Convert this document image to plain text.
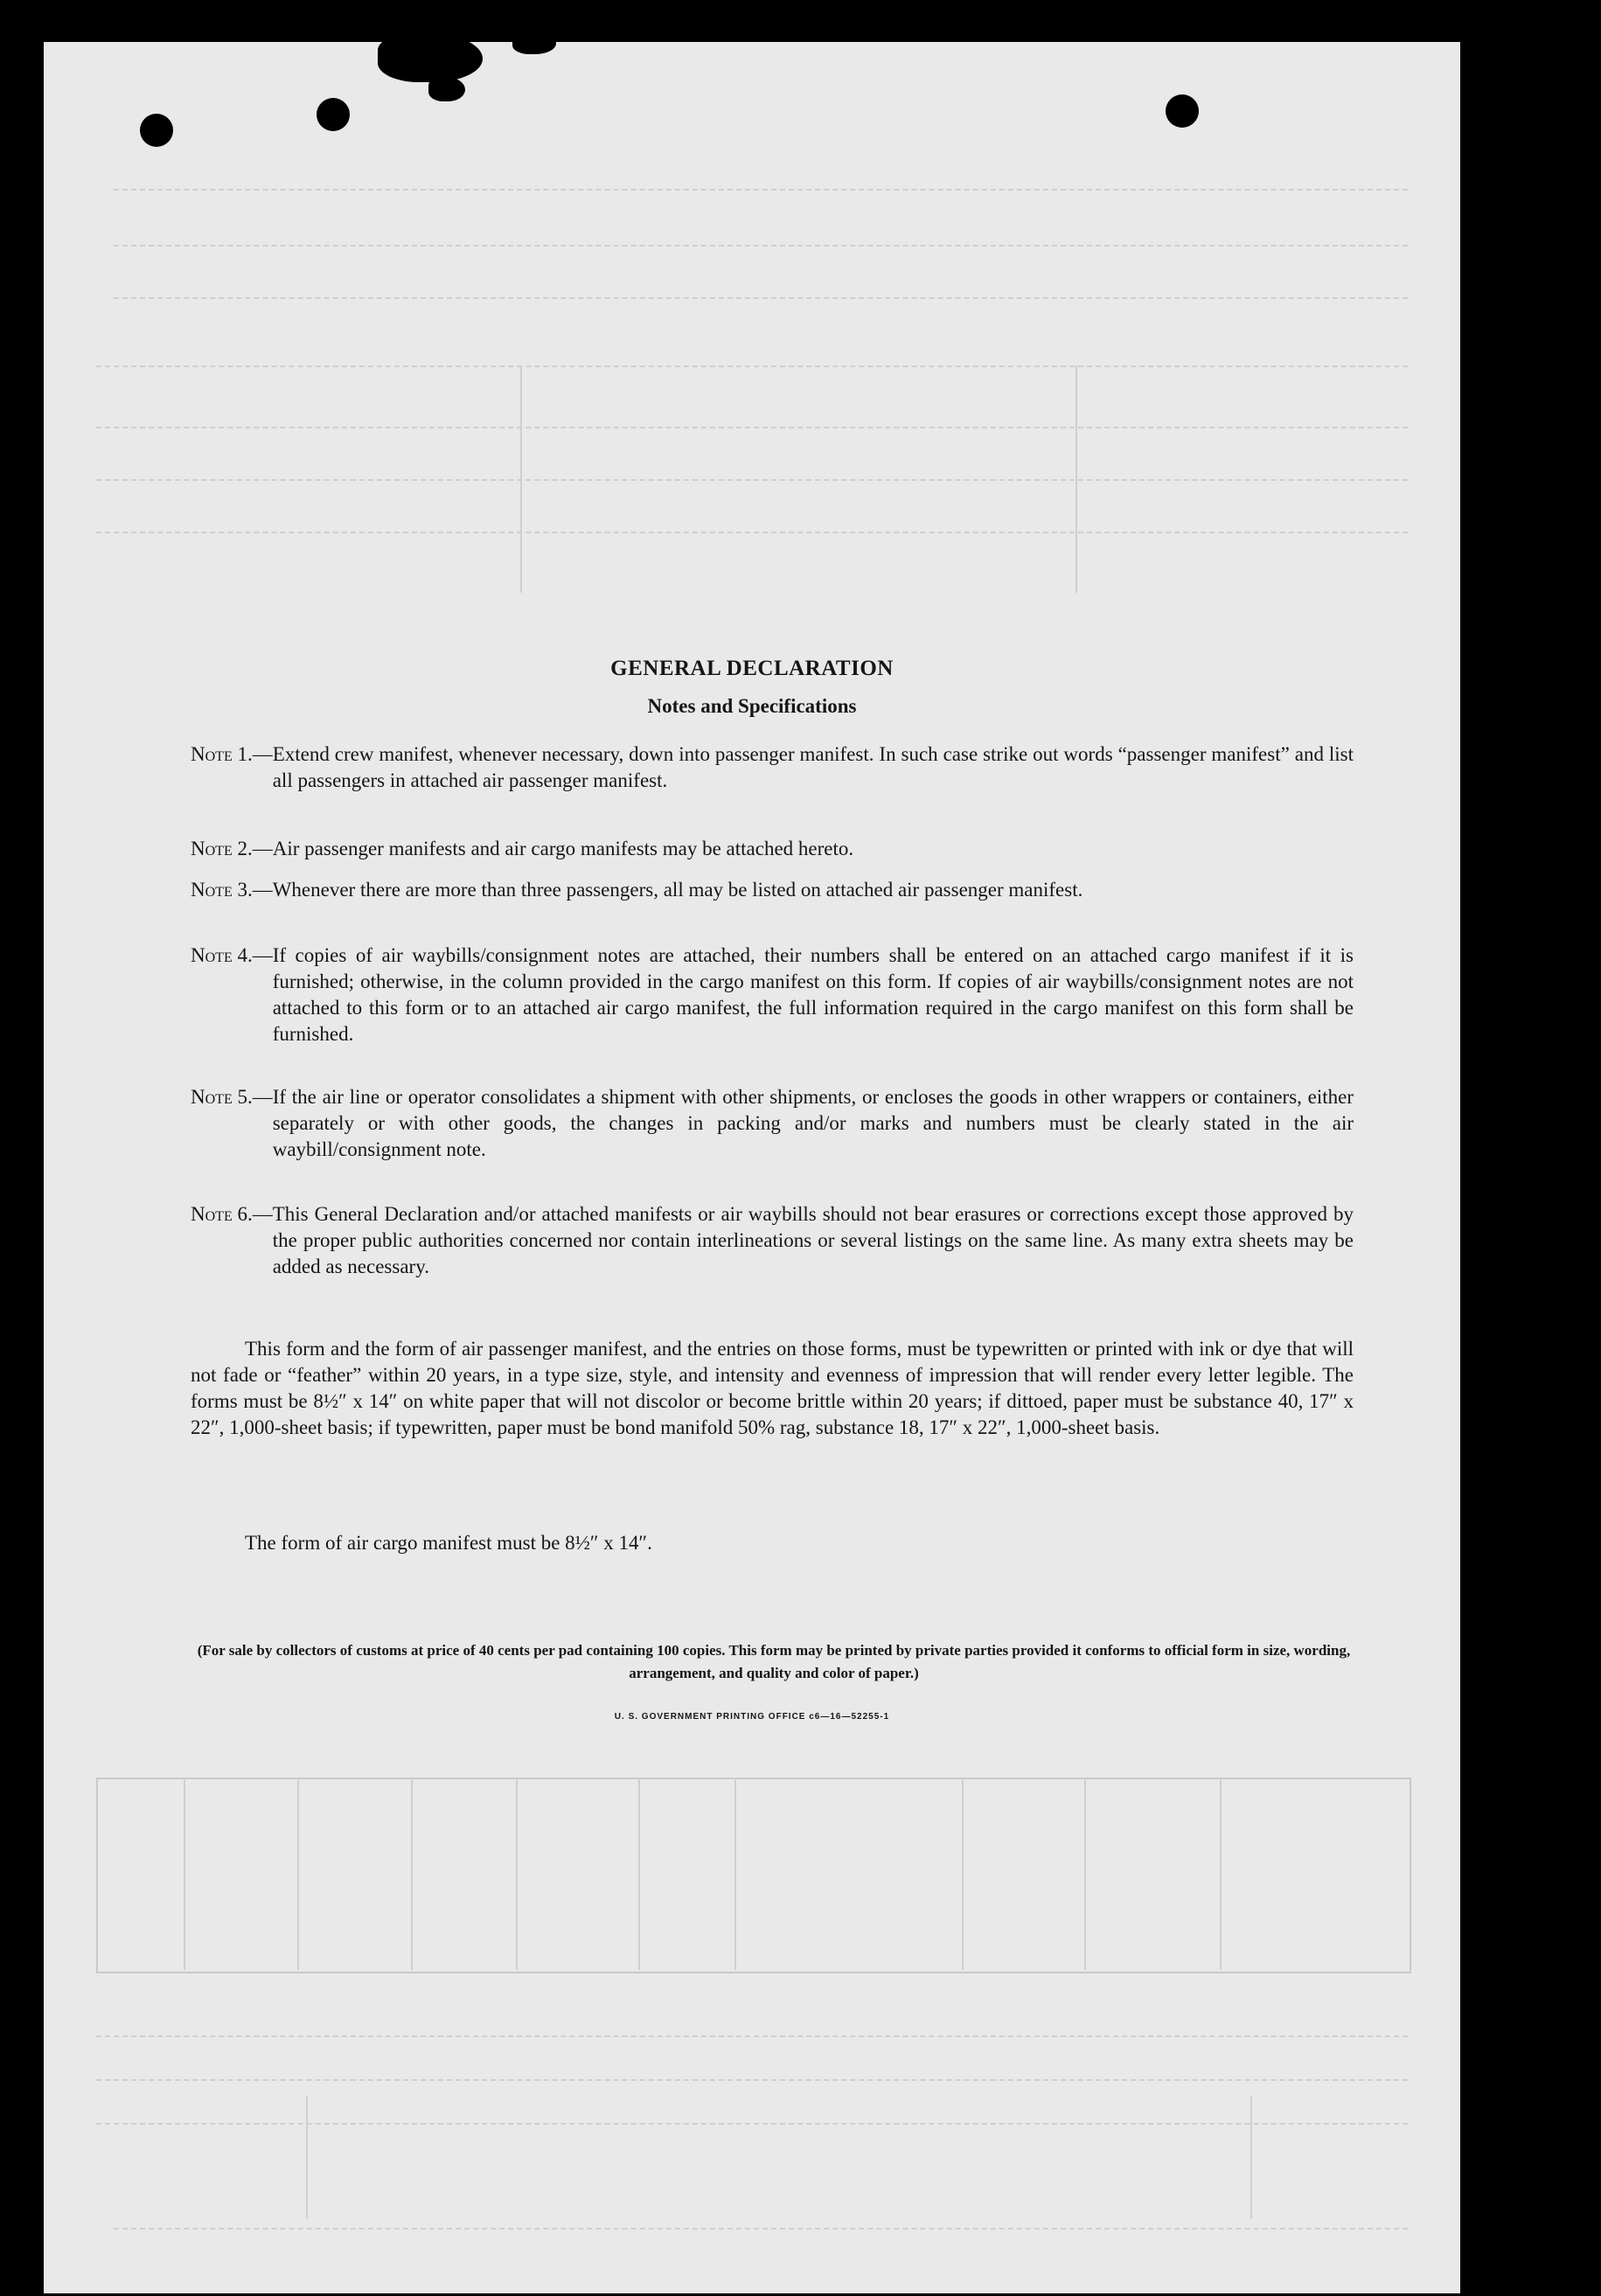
GENERAL DECLARATION
Notes and Specifications
Note 1.— Extend crew manifest, whenever necessary, down into passenger manifest. In such case strike out words “passenger manifest” and list all passengers in attached air passenger manifest.
Note 2.— Air passenger manifests and air cargo manifests may be attached hereto.
Note 3.— Whenever there are more than three passengers, all may be listed on attached air passenger manifest.
Note 4.— If copies of air waybills/consignment notes are attached, their numbers shall be entered on an attached cargo manifest if it is furnished; otherwise, in the column provided in the cargo manifest on this form. If copies of air waybills/consignment notes are not attached to this form or to an attached air cargo manifest, the full information required in the cargo manifest on this form shall be furnished.
Note 5.— If the air line or operator consolidates a shipment with other shipments, or encloses the goods in other wrappers or containers, either separately or with other goods, the changes in packing and/or marks and numbers must be clearly stated in the air waybill/consignment note.
Note 6.— This General Declaration and/or attached manifests or air waybills should not bear erasures or corrections except those approved by the proper public authorities concerned nor contain interlineations or several listings on the same line. As many extra sheets may be added as necessary.
This form and the form of air passenger manifest, and the entries on those forms, must be typewritten or printed with ink or dye that will not fade or “feather” within 20 years, in a type size, style, and intensity and evenness of impression that will render every letter legible. The forms must be 8½″ x 14″ on white paper that will not discolor or become brittle within 20 years; if dittoed, paper must be substance 40, 17″ x 22″, 1,000-sheet basis; if typewritten, paper must be bond manifold 50% rag, substance 18, 17″ x 22″, 1,000-sheet basis.
The form of air cargo manifest must be 8½″ x 14″.
(For sale by collectors of customs at price of 40 cents per pad containing 100 copies. This form may be printed by private parties provided it conforms to official form in size, wording, arrangement, and quality and color of paper.)
U. S. GOVERNMENT PRINTING OFFICE c6—16—52255-1
